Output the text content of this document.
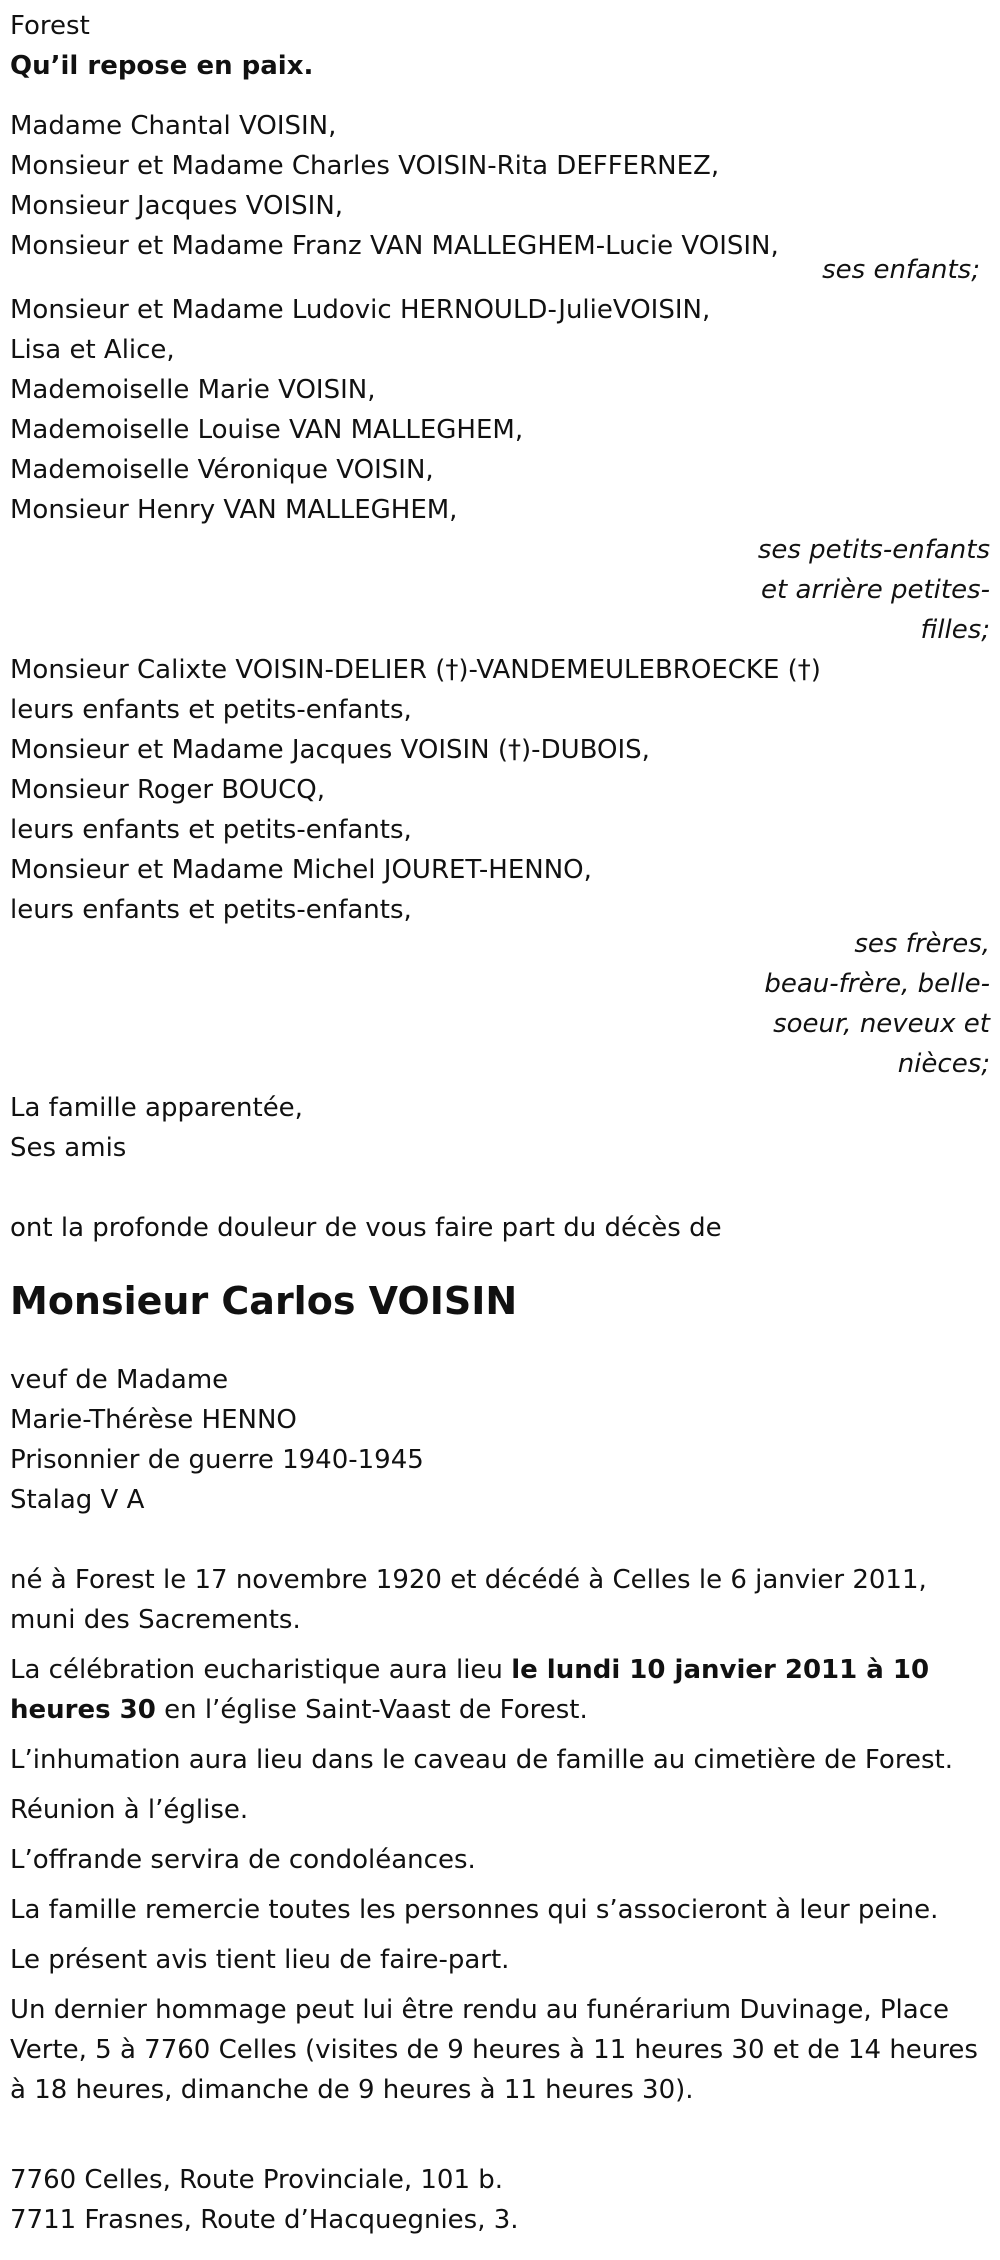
Forest
Qu’il repose en paix.
Madame Chantal VOISIN,
Monsieur et Madame Charles VOISIN-Rita DEFFERNEZ,
Monsieur Jacques VOISIN,
Monsieur et Madame Franz VAN MALLEGHEM-Lucie VOISIN,
ses enfants;
Monsieur et Madame Ludovic HERNOULD-JulieVOISIN,
Lisa et Alice,
Mademoiselle Marie VOISIN,
Mademoiselle Louise VAN MALLEGHEM,
Mademoiselle Véronique VOISIN,
Monsieur Henry VAN MALLEGHEM,
ses petits-enfants
et arrière petites-
filles;
Monsieur Calixte VOISIN-DELIER (†)-VANDEMEULEBROECKE (†)
leurs enfants et petits-enfants,
Monsieur et Madame Jacques VOISIN (†)-DUBOIS,
Monsieur Roger BOUCQ,
leurs enfants et petits-enfants,
Monsieur et Madame Michel JOURET-HENNO,
leurs enfants et petits-enfants,
ses frères,
beau-frère, belle-
soeur, neveux et
nièces;
La famille apparentée,
Ses amis
ont la profonde douleur de vous faire part du décès de
Monsieur Carlos VOISIN
veuf de Madame
Marie-Thérèse HENNO
Prisonnier de guerre 1940-1945
Stalag V A
né à Forest le 17 novembre 1920 et décédé à Celles le 6 janvier 2011, muni des Sacrements.
La célébration eucharistique aura lieu le lundi 10 janvier 2011 à 10 heures 30 en l’église Saint-Vaast de Forest.
L’inhumation aura lieu dans le caveau de famille au cimetière de Forest.
Réunion à l’église.
L’offrande servira de condoléances.
La famille remercie toutes les personnes qui s’associeront à leur peine.
Le présent avis tient lieu de faire-part.
Un dernier hommage peut lui être rendu au funérarium Duvinage, Place Verte, 5 à 7760 Celles (visites de 9 heures à 11 heures 30 et de 14 heures à 18 heures, dimanche de 9 heures à 11 heures 30).
7760 Celles, Route Provinciale, 101 b.
7711 Frasnes, Route d’Hacquegnies, 3.
